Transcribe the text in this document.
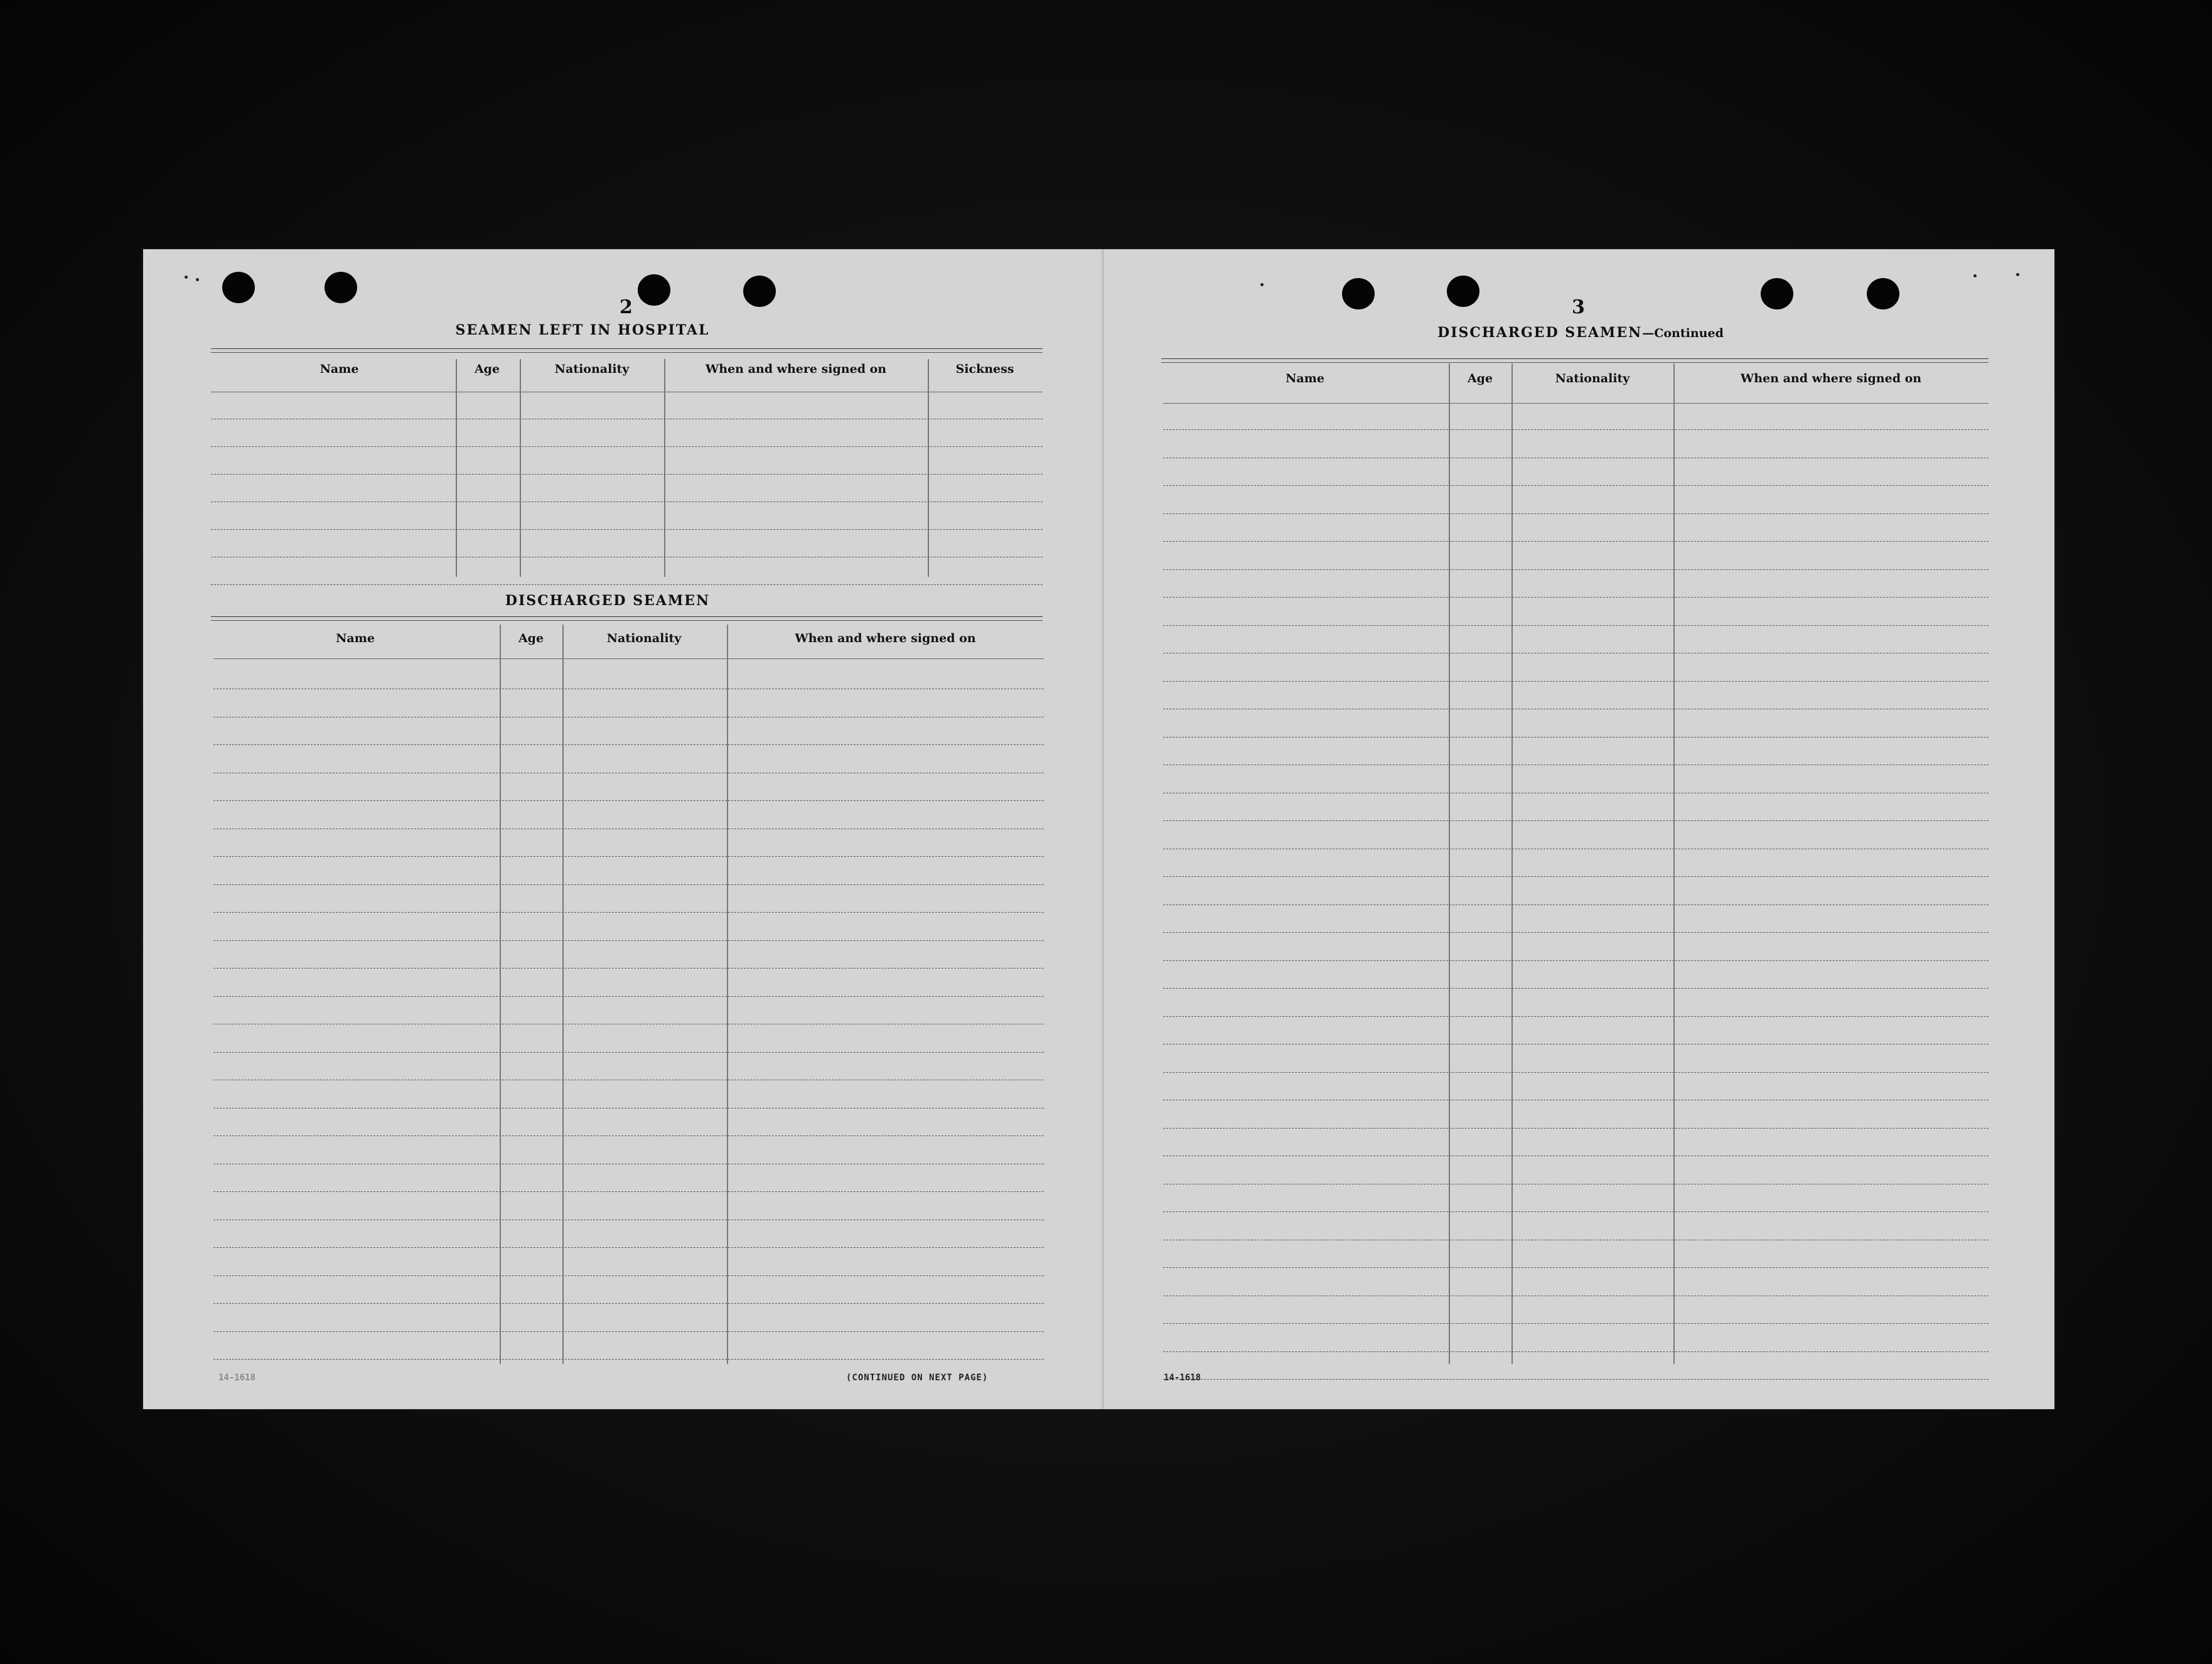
2
SEAMEN LEFT IN HOSPITAL
Name	Age	Nationality	When and where signed on	Sickness
DISCHARGED SEAMEN
Name	Age	Nationality	When and where signed on
14-1618	(CONTINUED ON NEXT PAGE)
3
DISCHARGED SEAMEN—Continued
Name	Age	Nationality	When and where signed on
14-1618
